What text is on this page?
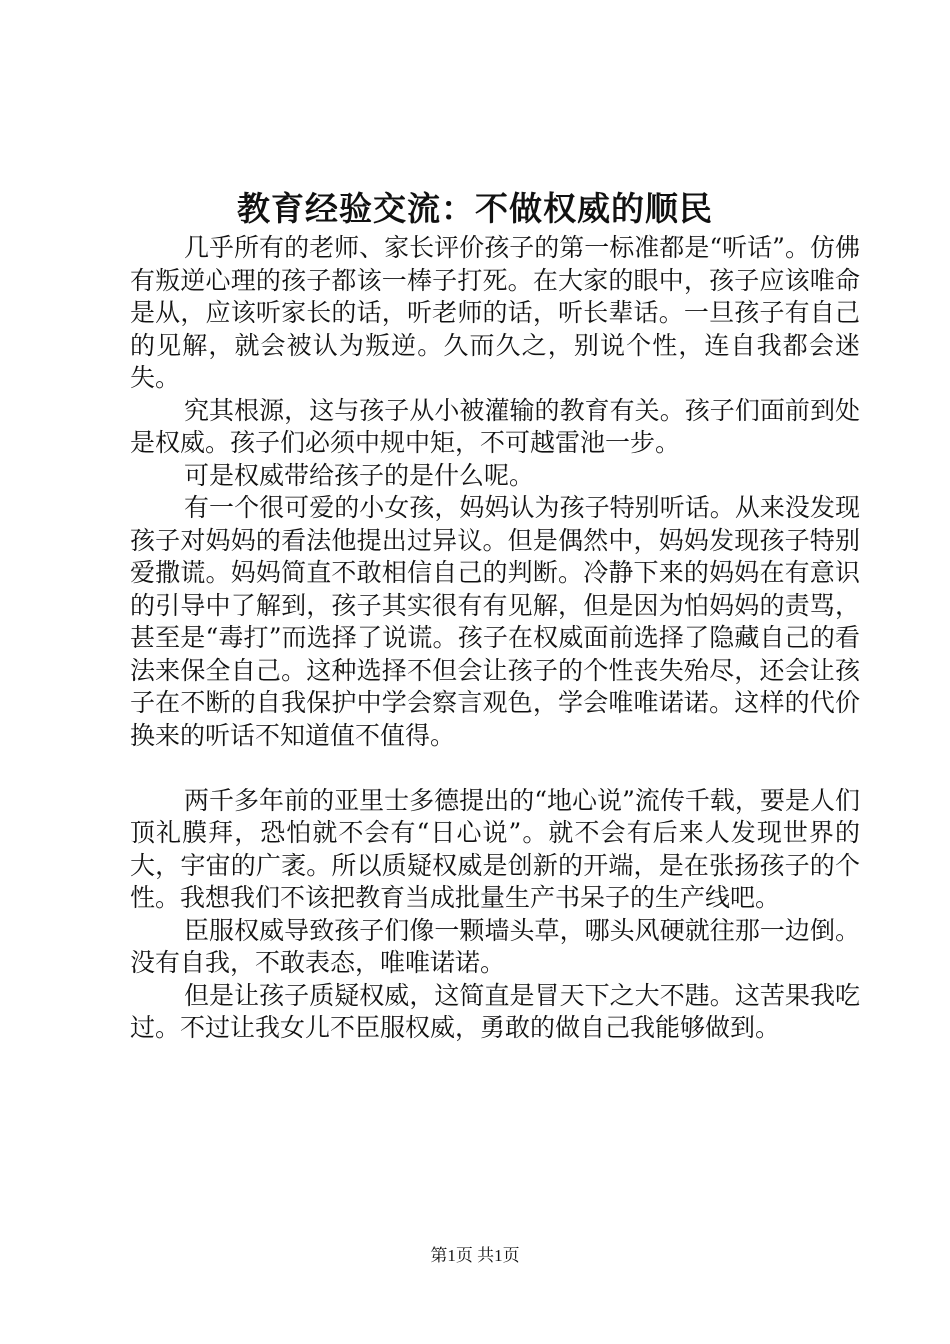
教育经验交流：不做权威的顺民

几乎所有的老师、家长评价孩子的第一标准都是“听话”。仿佛有叛逆心理的孩子都该一棒子打死。在大家的眼中，孩子应该唯命是从，应该听家长的话，听老师的话，听长辈话。一旦孩子有自己的见解，就会被认为叛逆。久而久之，别说个性，连自我都会迷失。

究其根源，这与孩子从小被灌输的教育有关。孩子们面前到处是权威。孩子们必须中规中矩，不可越雷池一步。

可是权威带给孩子的是什么呢。

有一个很可爱的小女孩，妈妈认为孩子特别听话。从来没发现孩子对妈妈的看法他提出过异议。但是偶然中，妈妈发现孩子特别爱撒谎。妈妈简直不敢相信自己的判断。冷静下来的妈妈在有意识的引导中了解到，孩子其实很有有见解，但是因为怕妈妈的责骂，甚至是“毒打”而选择了说谎。孩子在权威面前选择了隐藏自己的看法来保全自己。这种选择不但会让孩子的个性丧失殆尽，还会让孩子在不断的自我保护中学会察言观色，学会唯唯诺诺。这样的代价换来的听话不知道值不值得。

两千多年前的亚里士多德提出的“地心说”流传千载，要是人们顶礼膜拜，恐怕就不会有“日心说”。就不会有后来人发现世界的大，宇宙的广袤。所以质疑权威是创新的开端，是在张扬孩子的个性。我想我们不该把教育当成批量生产书呆子的生产线吧。

臣服权威导致孩子们像一颗墙头草，哪头风硬就往那一边倒。没有自我，不敢表态，唯唯诺诺。

但是让孩子质疑权威，这简直是冒天下之大不韪。这苦果我吃过。不过让我女儿不臣服权威，勇敢的做自己我能够做到。

第1页 共1页
